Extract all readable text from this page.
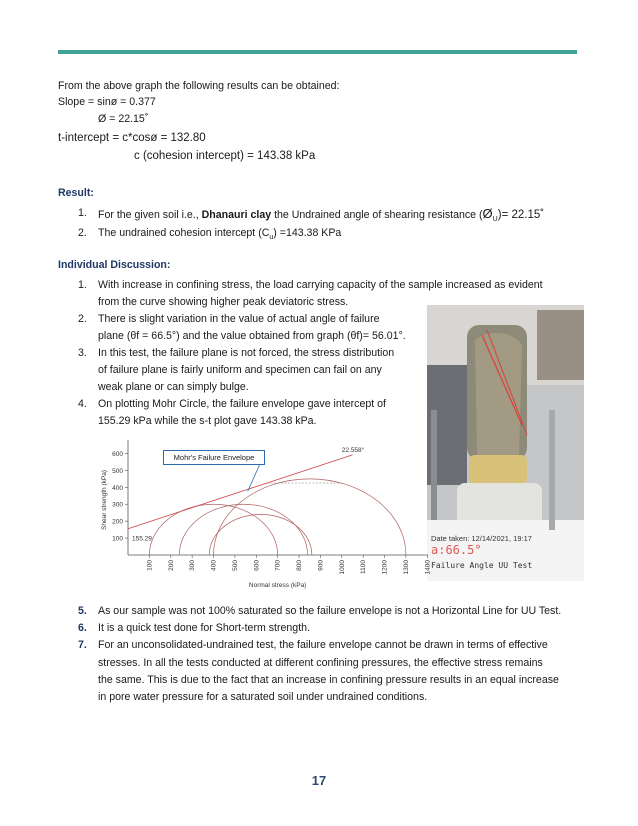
From the above graph the following results can be obtained:
Slope = sinø = 0.377
Ø = 22.15˚
t-intercept = c*cosø = 132.80
c (cohesion intercept) = 143.38 kPa
Result:
1. For the given soil i.e., Dhanauri clay the Undrained angle of shearing resistance $(Ø_U)=$ 22.15˚
2. The undrained cohesion intercept $(C_u) =143.38$ KPa
Individual Discussion:
1. With increase in confining stress, the load carrying capacity of the sample increased as evident
from the curve showing higher peak deviatoric stress.
2. There is slight variation in the value of actual angle of failure
plane (θf = 66.5°) and the value obtained from graph (θf)= 56.01°.
3. In this test, the failure plane is not forced, the stress distribution
of failure plane is fairly uniform and specimen can fail on any
weak plane or can simply bulge.
4. On plotting Mohr Circle, the failure envelope gave intercept of
155.29 kPa while the s-t plot gave 143.38 kPa.
5. As our sample was not 100% saturated so the failure envelope is not a Horizontal Line for UU Test.
6. It is a quick test done for Short-term strength.
7. For an unconsolidated-undrained test, the failure envelope cannot be drawn in terms of effective
stresses. In all the tests conducted at different confining pressures, the effective stress remains
the same. This is due to the fact that an increase in confining pressure results in an equal increase
in pore water pressure for a saturated soil under undrained conditions.
Date taken: 12/14/2021, 19:17
a:66.5°
Failure Angle UU Test
100
200
300
400
500
600
100 200 300 400 500 600 700 800 900 1000 1100 1200 1300 1400
155.29
22.558°
Normal stress (kPa)
Shear strength (kPa)
Mohr's Failure Envelope
17
